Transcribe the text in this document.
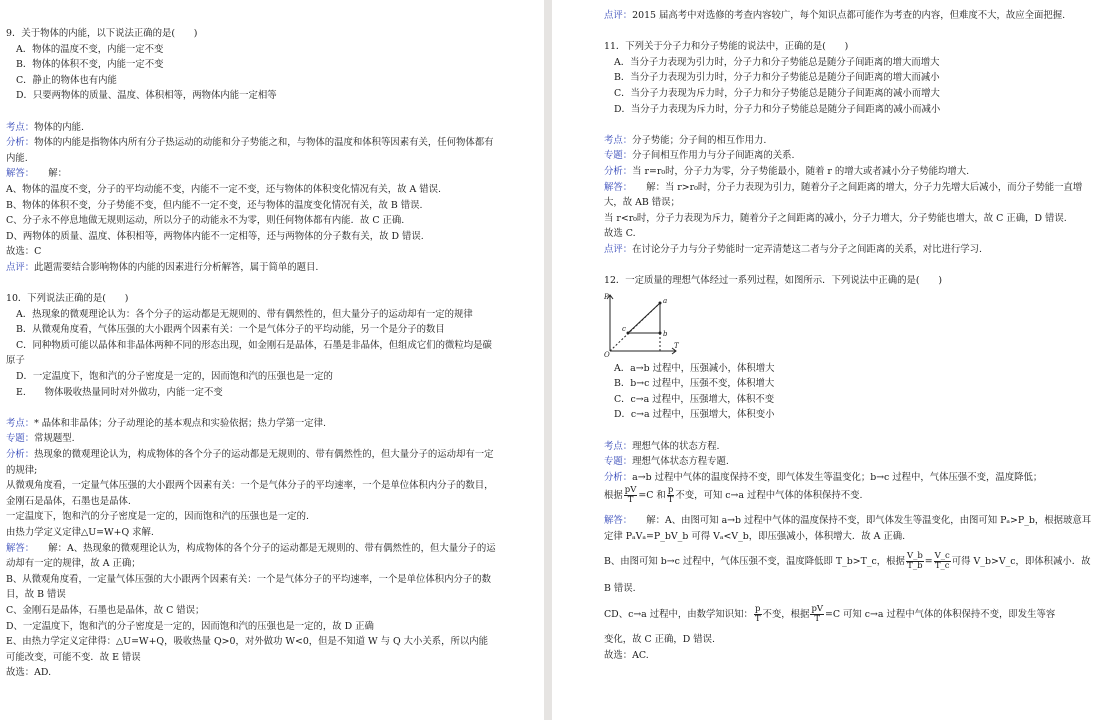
9．关于物体的内能，以下说法正确的是(　　)
A．物体的温度不变，内能一定不变
B．物体的体积不变，内能一定不变
C．静止的物体也有内能
D．只要两物体的质量、温度、体积相等，两物体内能一定相等
考点：物体的内能.
分析：物体的内能是指物体内所有分子热运动的动能和分子势能之和，与物体的温度和体积等因素有关，任何物体都有内能.
解答：　　 解：
A、物体的温度不变，分子的平均动能不变，内能不一定不变，还与物体的体积变化情况有关，故 A 错误.
B、物体的体积不变，分子势能不变，但内能不一定不变，还与物体的温度变化情况有关，故 B 错误.
C、分子永不停息地做无规则运动，所以分子的动能永不为零，则任何物体都有内能．故 C 正确.
D、两物体的质量、温度、体积相等，两物体内能不一定相等，还与两物体的分子数有关，故 D 错误.
故选：C
点评：此题需要结合影响物体的内能的因素进行分析解答，属于简单的题目.
10．下列说法正确的是(　　)
A．热现象的微观理论认为：各个分子的运动都是无规则的、带有偶然性的，但大量分子的运动却有一定的规律
B．从微观角度看，气体压强的大小跟两个因素有关：一个是气体分子的平均动能，另一个是分子的数目
C．同种物质可能以晶体和非晶体两种不同的形态出现，如金刚石是晶体，石墨是非晶体，但组成它们的微粒均是碳原子
D．一定温度下，饱和汽的分子密度是一定的，因而饱和汽的压强也是一定的
E.　　物体吸收热量同时对外做功，内能一定不变
考点：* 晶体和非晶体；分子动理论的基本观点和实验依据；热力学第一定律.
专题：常规题型.
分析：热现象的微观理论认为，构成物体的各个分子的运动都是无规则的、带有偶然性的，但大量分子的运动却有一定的规律;
从微观角度看，一定量气体压强的大小跟两个因素有关：一个是气体分子的平均速率，一个是单位体积内分子的数目，
金刚石是晶体，石墨也是晶体.
一定温度下，饱和汽的分子密度是一定的，因而饱和汽的压强也是一定的.
由热力学定义定律△U=W+Q 求解.
解答：　　 解：A、热现象的微观理论认为，构成物体的各个分子的运动都是无规则的、带有偶然性的，但大量分子的运动却有一定的规律，故 A 正确；
B、从微观角度看，一定量气体压强的大小跟两个因素有关：一个是气体分子的平均速率，一个是单位体积内分子的数目，故 B 错误
C、金刚石是晶体，石墨也是晶体，故 C 错误；
D、一定温度下，饱和汽的分子密度是一定的，因而饱和汽的压强也是一定的，故 D 正确
E、由热力学定义定律得：△U=W+Q，吸收热量 Q>0，对外做功 W<0，但是不知道 W 与 Q 大小关系，所以内能可能改变，可能不变．故 E 错误
故选：AD.
点评：2015 届高考中对选修的考查内容较广，每个知识点都可能作为考查的内容，但难度不大，故应全面把握.
11．下列关于分子力和分子势能的说法中，正确的是(　　)
A．当分子力表现为引力时，分子力和分子势能总是随分子间距离的增大而增大
B．当分子力表现为引力时，分子力和分子势能总是随分子间距离的增大而减小
C．当分子力表现为斥力时，分子力和分子势能总是随分子间距离的减小而增大
D．当分子力表现为斥力时，分子力和分子势能总是随分子间距离的减小而减小
考点：分子势能；分子间的相互作用力.
专题：分子间相互作用力与分子间距离的关系.
分析：当 r=r₀时，分子力为零，分子势能最小，随着 r 的增大或者减小分子势能均增大.
解答：　　 解：当 r>r₀时，分子力表现为引力，随着分子之间距离的增大，分子力先增大后减小，而分子势能一直增大，故 AB 错误；
当 r<r₀时，分子力表现为斥力，随着分子之间距离的减小，分子力增大，分子势能也增大，故 C 正确，D 错误.
故选 C.
点评：在讨论分子力与分子势能时一定弄清楚这二者与分子之间距离的关系，对比进行学习.
12．一定质量的理想气体经过一系列过程，如图所示．下列说法中正确的是(　　)
P
O
T
a
b
c
A．a→b 过程中，压强减小，体积增大
B．b→c 过程中，压强不变，体积增大
C．c→a 过程中，压强增大，体积不变
D．c→a 过程中，压强增大，体积变小
考点：理想气体的状态方程.
专题：理想气体状态方程专题.
分析：a→b 过程中气体的温度保持不变，即气体发生等温变化；b→c 过程中，气体压强不变，温度降低；
根据 $\frac{pV}{T} =C$ 和 $\frac{p}{T}$ 不变，可知 c→a 过程中气体的体积保持不变.
解答：　　 解：A、由图可知 a→b 过程中气体的温度保持不变，即气体发生等温变化，由图可知 Pₐ>P_b，根据玻意耳定律 PₐVₐ=P_bV_b 可得 Vₐ<V_b，即压强减小，体积增大．故 A 正确.
B、由图可知 b→c 过程中，气体压强不变，温度降低即 T_b>T_c，根据 $\frac{V\_b}{T\_b} = \frac{V\_c}{T\_c}$ 可得 V_b>V_c，即体积减小．故
B 错误.
CD、c→a 过程中，由数学知识知： $\frac{p}{T}$ 不变，根据 $\frac{pV}{T} =C$ 可知 c→a 过程中气体的体积保持不变，即发生等容
变化，故 C 正确，D 错误.
故选：AC.
